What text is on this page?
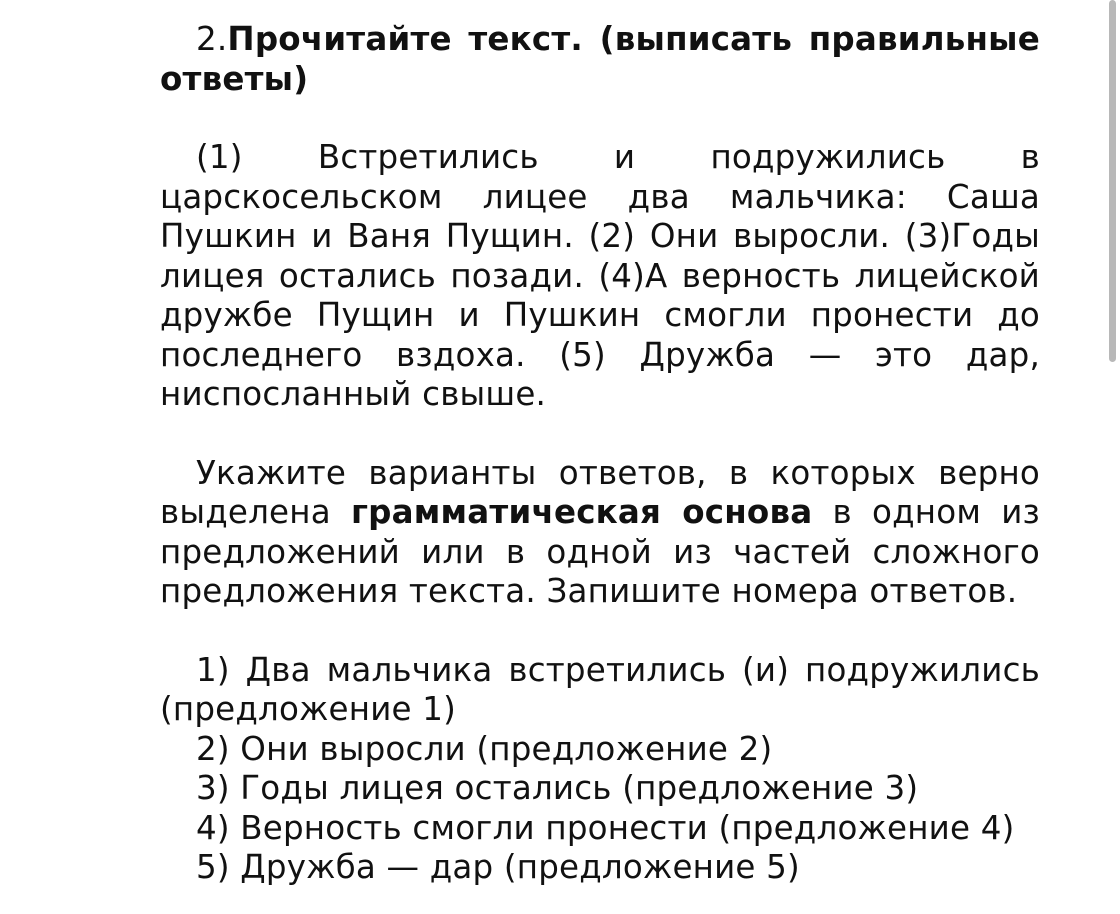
2.Прочитайте текст. (выписать правильные ответы)

(1) Встретились и подружились в царскосельском лицее два мальчика: Саша Пушкин и Ваня Пущин. (2) Они выросли. (3)Годы лицея остались позади. (4)А верность лицейской дружбе Пущин и Пушкин смогли пронести до последнего вздоха. (5) Дружба — это дар, ниспосланный свыше.

Укажите варианты ответов, в которых верно выделена грамматическая основа в одном из предложений или в одной из частей сложного предложения текста. Запишите номера ответов.

1) Два мальчика встретились (и) подружились (предложение 1)

2) Они выросли (предложение 2)

3) Годы лицея остались (предложение 3)

4) Верность смогли пронести (предложение 4)

5) Дружба — дар (предложение 5)
